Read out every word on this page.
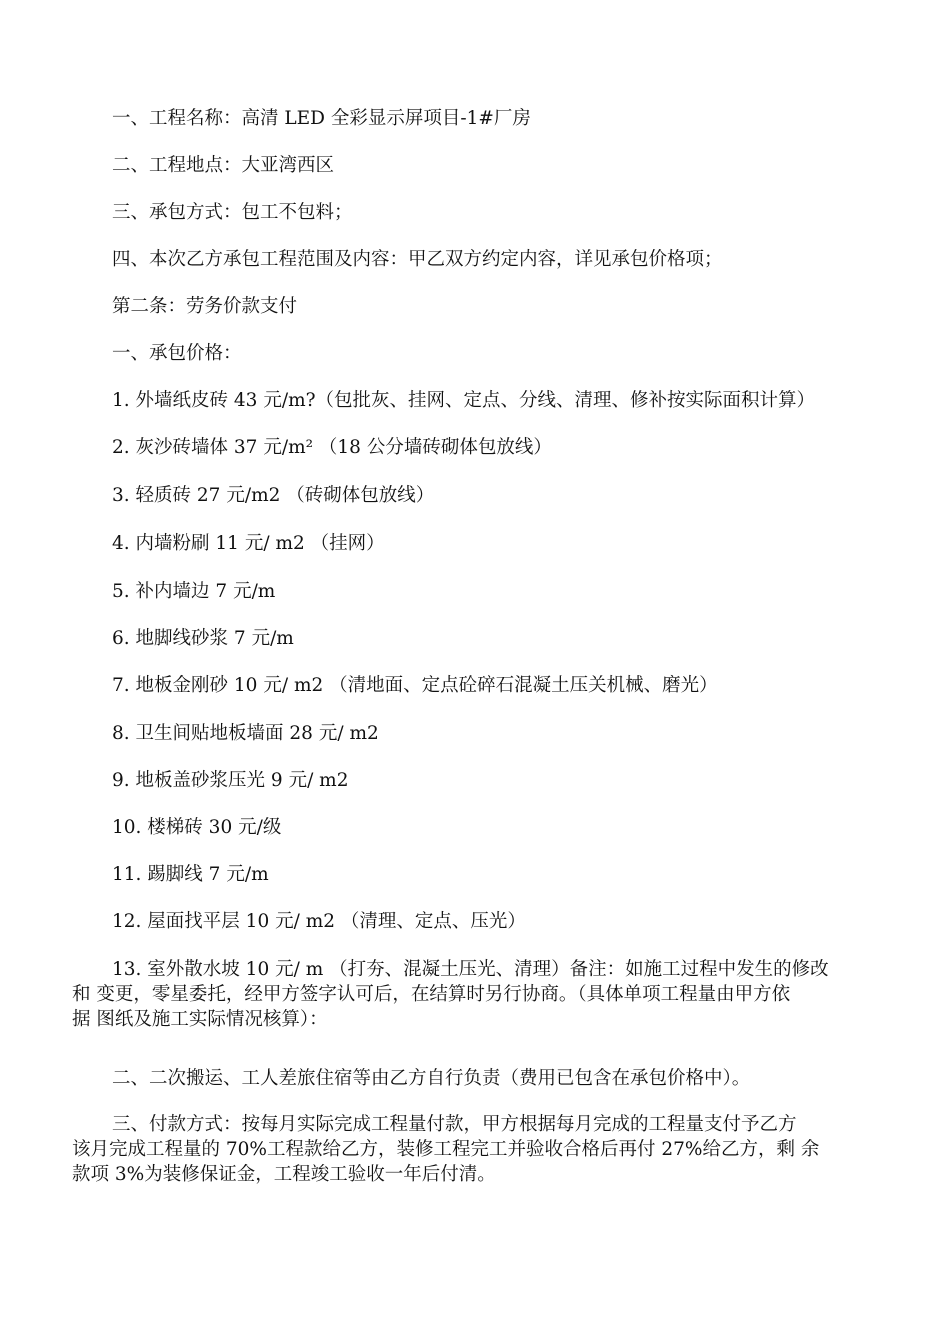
一、工程名称：高清 LED 全彩显示屏项目-1#厂房

二、工程地点：大亚湾西区

三、承包方式：包工不包料；

四、本次乙方承包工程范围及内容：甲乙双方约定内容，详见承包价格项；

第二条：劳务价款支付

一、承包价格：

1. 外墙纸皮砖 43 元/m?（包批灰、挂网、定点、分线、清理、修补按实际面积计算）

2. 灰沙砖墙体 37 元/m² （18 公分墙砖砌体包放线）

3. 轻质砖 27 元/m2 （砖砌体包放线）

4. 内墙粉刷 11 元/ m2 （挂网）

5. 补内墙边 7 元/m

6. 地脚线砂浆 7 元/m

7. 地板金刚砂 10 元/ m2 （清地面、定点砼碎石混凝土压关机械、磨光）

8. 卫生间贴地板墙面 28 元/ m2

9. 地板盖砂浆压光 9 元/ m2

10. 楼梯砖 30 元/级

11. 踢脚线 7 元/m

12. 屋面找平层 10 元/ m2 （清理、定点、压光）

13. 室外散水坡 10 元/ m （打夯、混凝土压光、清理）备注：如施工过程中发生的修改
和 变更，零星委托，经甲方签字认可后，在结算时另行协商。（具体单项工程量由甲方依
据 图纸及施工实际情况核算）：
二、二次搬运、工人差旅住宿等由乙方自行负责（费用已包含在承包价格中）。
三、付款方式：按每月实际完成工程量付款，甲方根据每月完成的工程量支付予乙方
该月完成工程量的 70%工程款给乙方，装修工程完工并验收合格后再付 27%给乙方，剩 余
款项 3%为装修保证金，工程竣工验收一年后付清。
